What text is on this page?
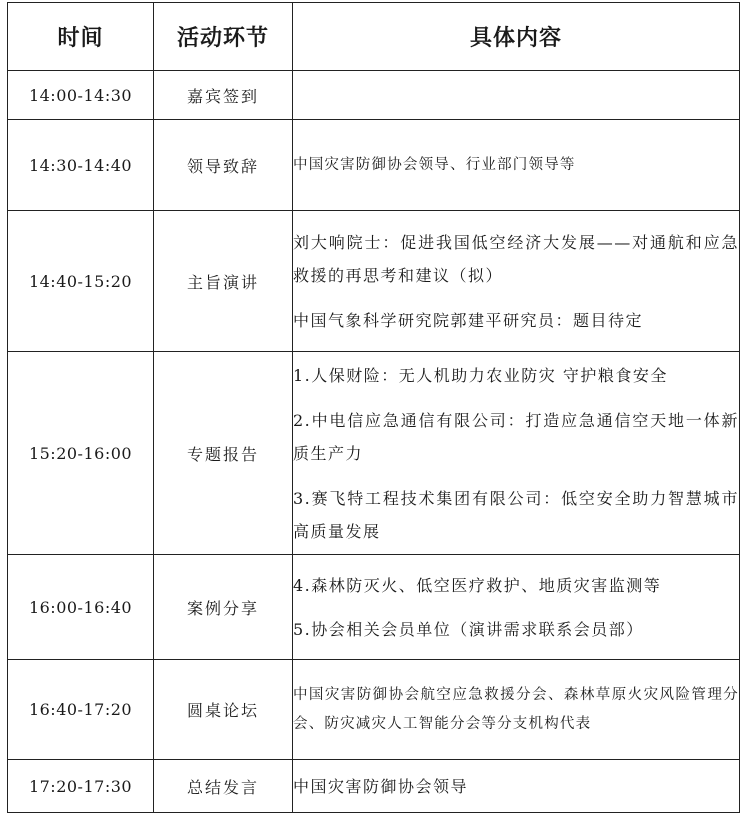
时间	活动环节	具体内容
14:00-14:30	嘉宾签到	
14:30-14:40	领导致辞	中国灾害防御协会领导、行业部门领导等

14:40-15:20	主旨演讲	刘大响院士：促进我国低空经济大发展——对通航和应急救援的再思考和建议（拟）
中国气象科学研究院郭建平研究员：题目待定

15:20-16:00	专题报告	1.人保财险：无人机助力农业防灾 守护粮食安全
2.中电信应急通信有限公司：打造应急通信空天地一体新质生产力
3.赛飞特工程技术集团有限公司：低空安全助力智慧城市高质量发展

16:00-16:40	案例分享	4.森林防灭火、低空医疗救护、地质灾害监测等
5.协会相关会员单位（演讲需求联系会员部）

16:40-17:20	圆桌论坛	中国灾害防御协会航空应急救援分会、森林草原火灾风险管理分会、防灾减灾人工智能分会等分支机构代表

17:20-17:30	总结发言	中国灾害防御协会领导
